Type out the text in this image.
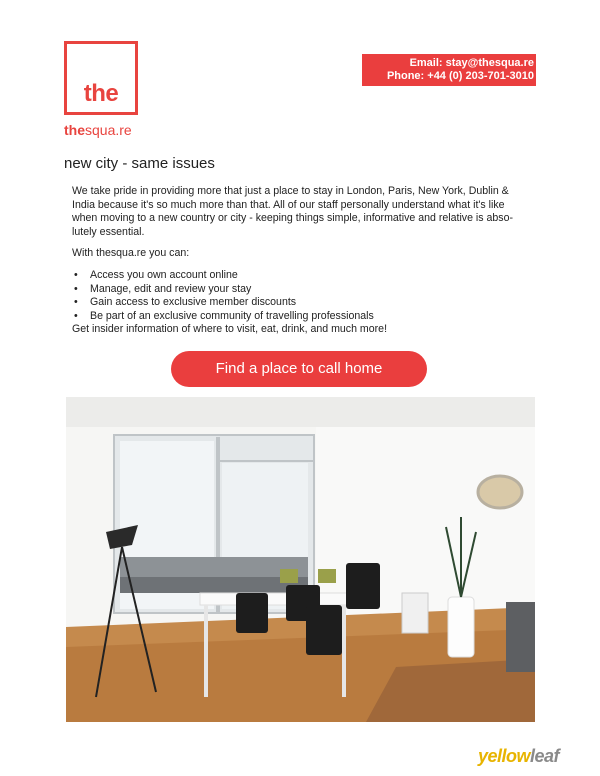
the
thesqua.re
Email: stay@thesqua.re
Phone: +44 (0) 203-701-3010
new city - same issues

We take pride in providing more that just a place to stay in London, Paris, New York, Dublin & India because it's so much more than that. All of our staff personally understand what it's like when moving to a new country or city - keeping things simple, informative and relative is abso-lutely essential.

With thesqua.re you can:

• Access you own account online
• Manage, edit and review your stay
• Gain access to exclusive member discounts
• Be part of an exclusive community of travelling professionals
Get insider information of where to visit, eat, drink, and much more!
Find a place to call home
yellowleaf
